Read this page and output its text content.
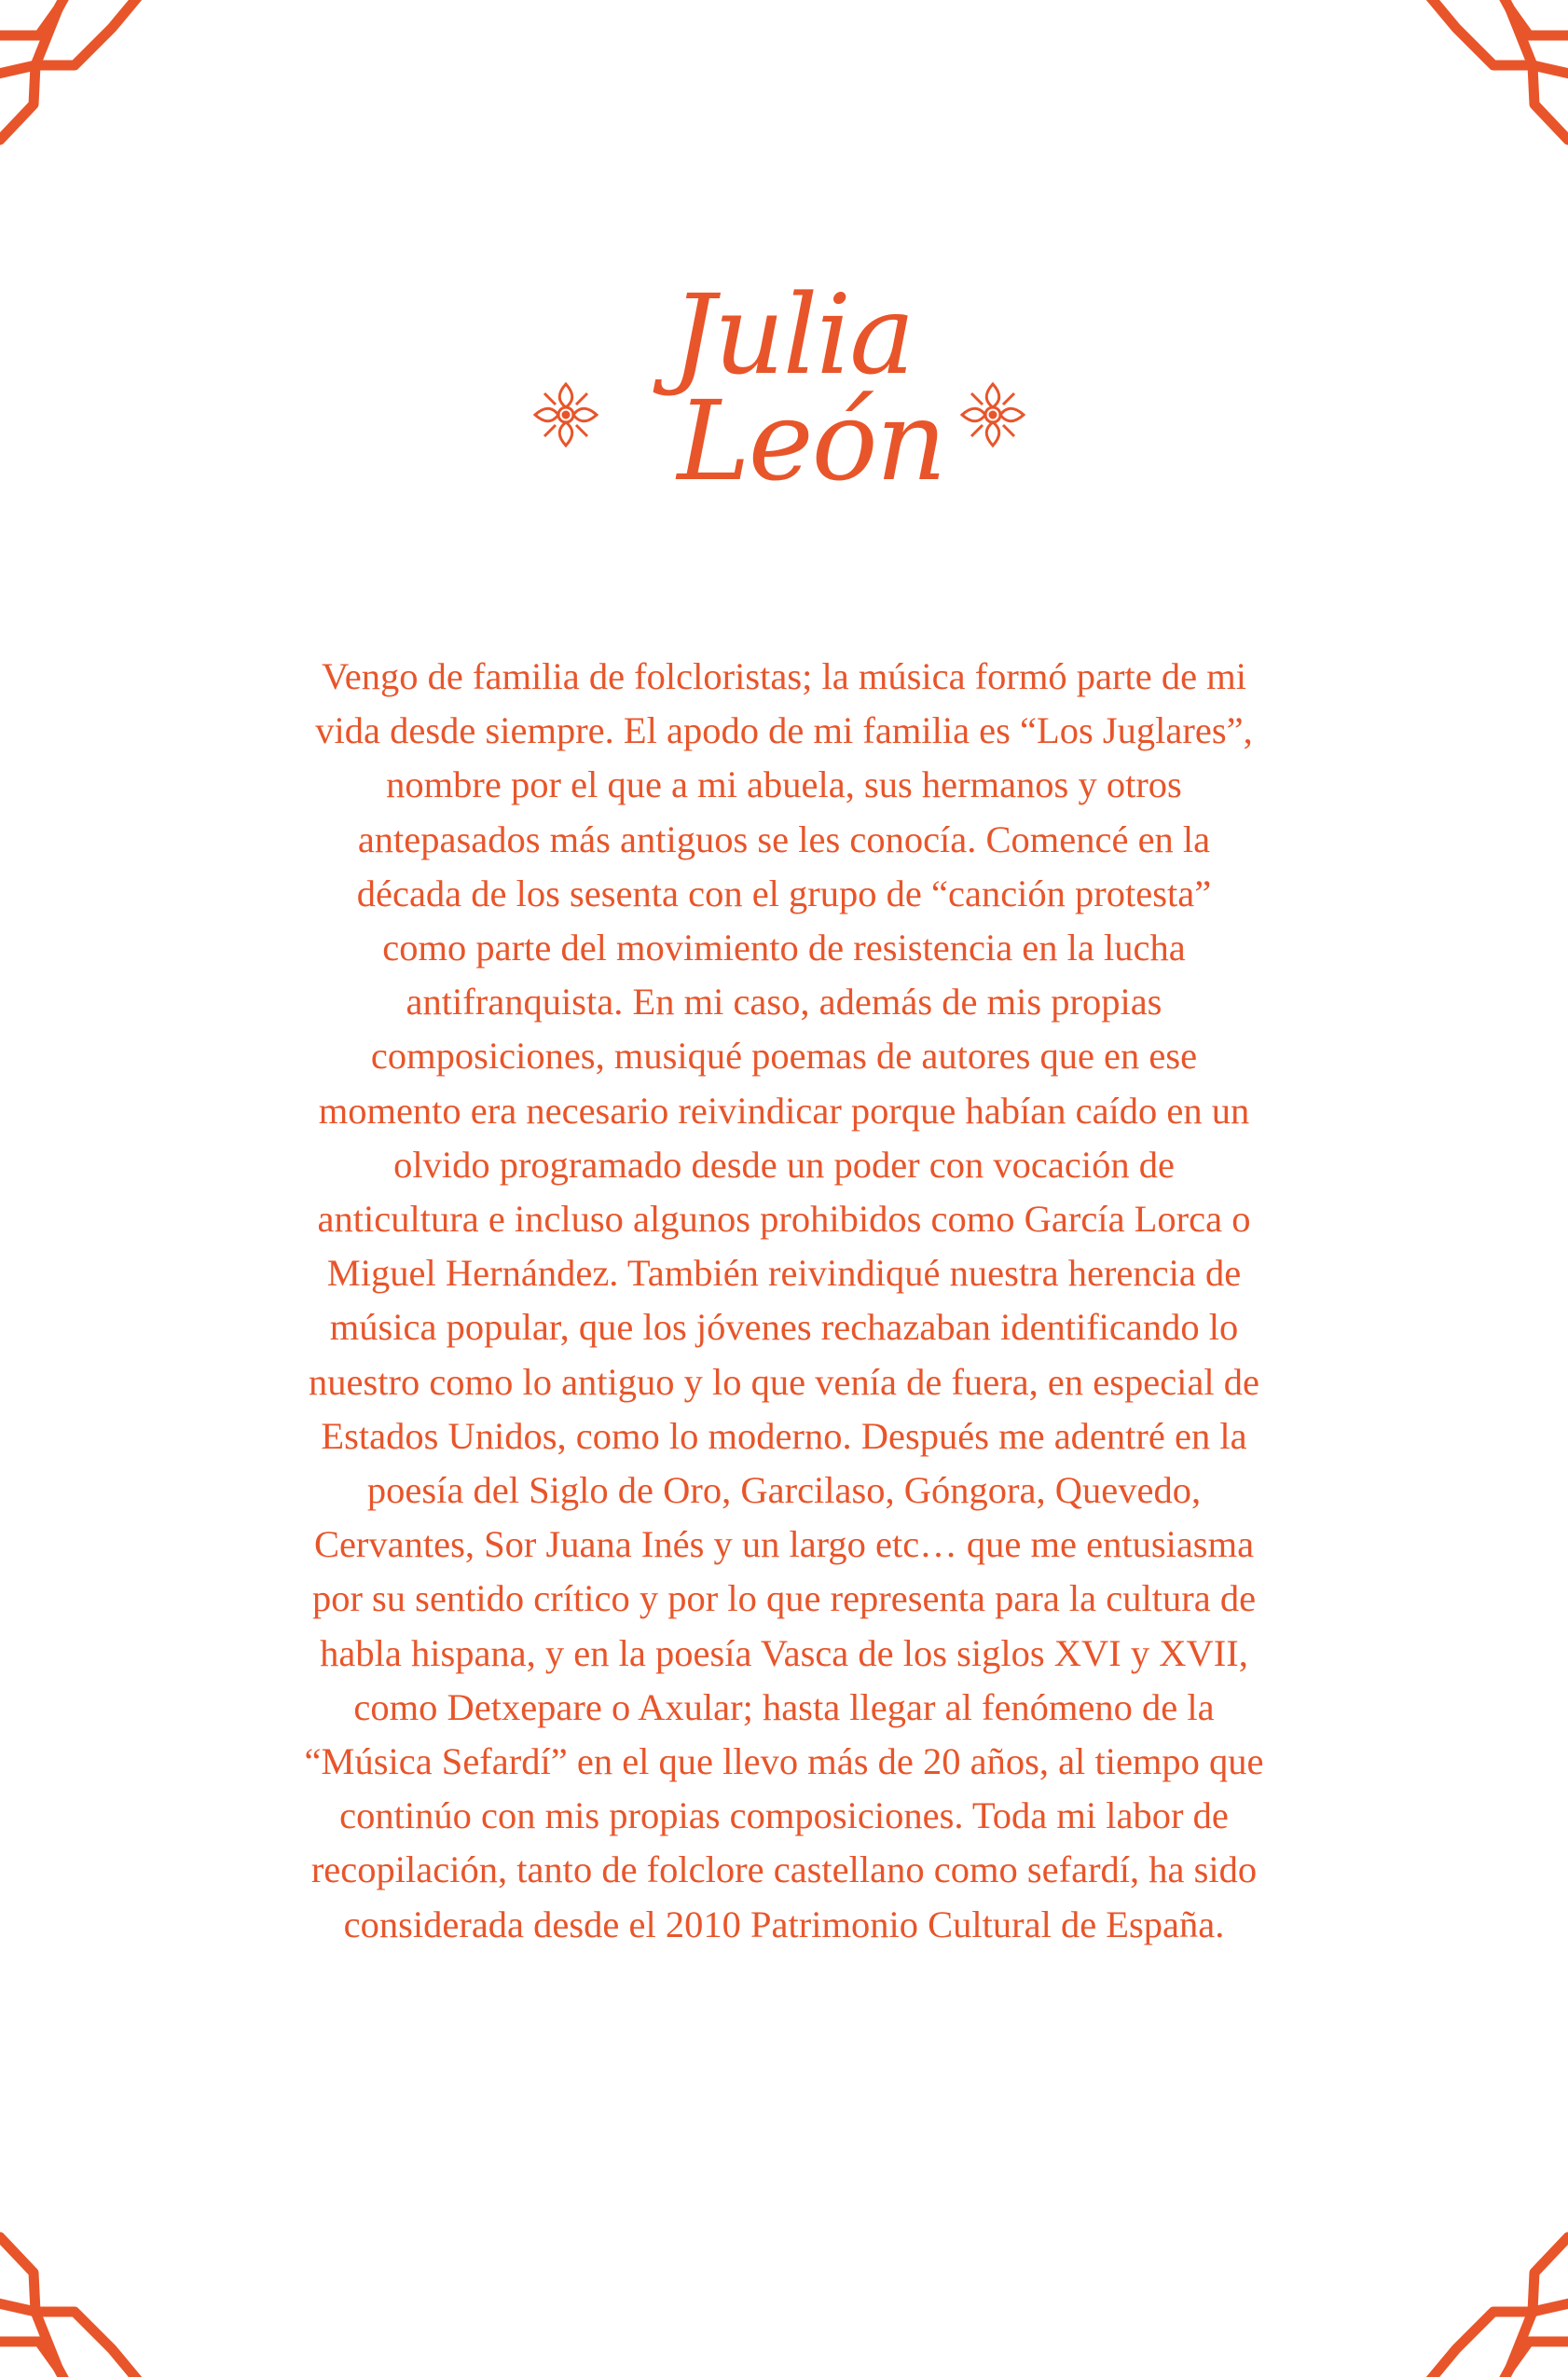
Julia
León

Vengo de familia de folcloristas; la música formó parte de mi
vida desde siempre. El apodo de mi familia es “Los Juglares”,
nombre por el que a mi abuela, sus hermanos y otros
antepasados más antiguos se les conocía. Comencé en la
década de los sesenta con el grupo de “canción protesta”
como parte del movimiento de resistencia en la lucha
antifranquista. En mi caso, además de mis propias
composiciones, musiqué poemas de autores que en ese
momento era necesario reivindicar porque habían caído en un
olvido programado desde un poder con vocación de
anticultura e incluso algunos prohibidos como García Lorca o
Miguel Hernández. También reivindiqué nuestra herencia de
música popular, que los jóvenes rechazaban identificando lo
nuestro como lo antiguo y lo que venía de fuera, en especial de
Estados Unidos, como lo moderno. Después me adentré en la
poesía del Siglo de Oro, Garcilaso, Góngora, Quevedo,
Cervantes, Sor Juana Inés y un largo etc… que me entusiasma
por su sentido crítico y por lo que representa para la cultura de
habla hispana, y en la poesía Vasca de los siglos XVI y XVII,
como Detxepare o Axular; hasta llegar al fenómeno de la
“Música Sefardí” en el que llevo más de 20 años, al tiempo que
continúo con mis propias composiciones. Toda mi labor de
recopilación, tanto de folclore castellano como sefardí, ha sido
considerada desde el 2010 Patrimonio Cultural de España.
